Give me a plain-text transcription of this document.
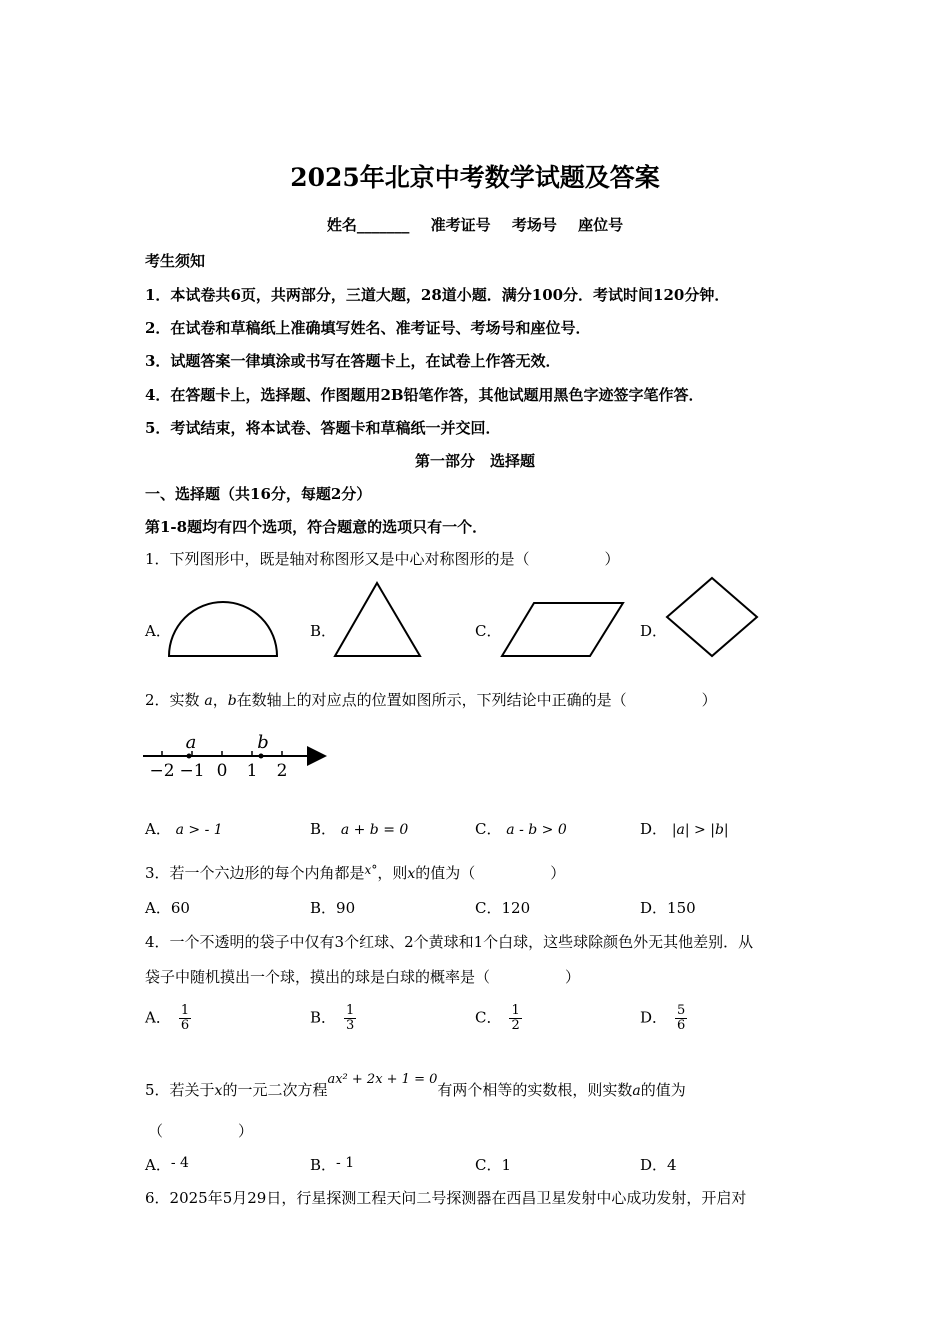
2025年北京中考数学试题及答案
姓名_______ 准考证号 考场号 座位号
考生须知
1．本试卷共6页，共两部分，三道大题，28道小题．满分100分．考试时间120分钟．
2．在试卷和草稿纸上准确填写姓名、准考证号、考场号和座位号．
3．试题答案一律填涂或书写在答题卡上，在试卷上作答无效．
4．在答题卡上，选择题、作图题用2B铅笔作答，其他试题用黑色字迹签字笔作答．
5．考试结束，将本试卷、答题卡和草稿纸一并交回．
第一部分　选择题
一、选择题（共16分，每题2分）
第1-8题均有四个选项，符合题意的选项只有一个．
1．下列图形中，既是轴对称图形又是中心对称图形的是（　　　　　）
A．	B．	C．	D．
2．实数 a，b在数轴上的对应点的位置如图所示，下列结论中正确的是（　　　　　）
−2 −1 0 1 2
a	b
A． a > - 1	B． a + b = 0	C． a - b > 0	D． |a| > |b|
3．若一个六边形的每个内角都是$^{x^\circ}$，则x的值为（　　　　　）
A．60	B．90	C．120	D．150
4．一个不透明的袋子中仅有3个红球、2个黄球和1个白球，这些球除颜色外无其他差别．从
袋子中随机摸出一个球，摸出的球是白球的概率是（　　　　　）
A． $\frac{1}{6}$	B． $\frac{1}{3}$	C． $\frac{1}{2}$	D． $\frac{5}{6}$
5．若关于x的一元二次方程ax² + 2x + 1 = 0有两个相等的实数根，则实数a的值为
（　　　　　）
A．- 4	B．- 1	C．1	D．4
6．2025年5月29日，行星探测工程天问二号探测器在西昌卫星发射中心成功发射，开启对
